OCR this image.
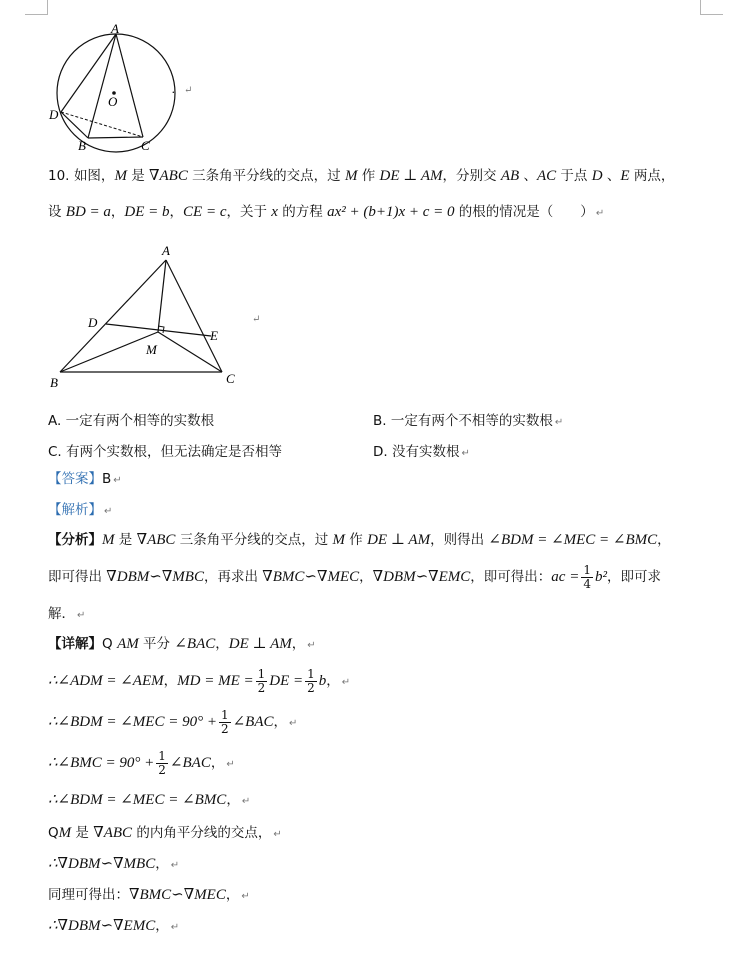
A
O
D
B	C
. ↵
10. 如图，M 是 ∇ABC 三条角平分线的交点，过 M 作 DE ⊥ AM，分别交 AB 、AC 于点 D 、E 两点，
设 BD = a，DE = b，CE = c，关于 x 的方程 ax² + (b+1)x + c = 0 的根的情况是（　　） ↵
A
D
E
M
B	C
↵
A. 一定有两个相等的实数根	B. 一定有两个不相等的实数根 ↵
C. 有两个实数根，但无法确定是否相等	D. 没有实数根 ↵
【答案】B ↵
【解析】 ↵
【分析】M 是 ∇ABC 三条角平分线的交点，过 M 作 DE ⊥ AM，则得出 ∠BDM = ∠MEC = ∠BMC，
即可得出 ∇DBM∽∇MBC，再求出 ∇BMC∽∇MEC，∇DBM∽∇EMC，即可得出：ac = $\frac{1}{4} b^2$，即可求
解． ↵
【详解】Q AM 平分 ∠BAC，DE ⊥ AM， ↵
∴∠ADM = ∠AEM，MD = ME = $\frac{1}{2}$ DE = $\frac{1}{2}$ b， ↵
∴∠BDM = ∠MEC = $90^\circ + \frac{1}{2}$ ∠BAC， ↵
∴∠BMC = $90^\circ + \frac{1}{2}$ ∠BAC， ↵
∴∠BDM = ∠MEC = ∠BMC， ↵
QM 是 ∇ABC 的内角平分线的交点， ↵
∴∇DBM∽∇MBC， ↵
同理可得出：∇BMC∽∇MEC， ↵
∴∇DBM∽∇EMC， ↵
